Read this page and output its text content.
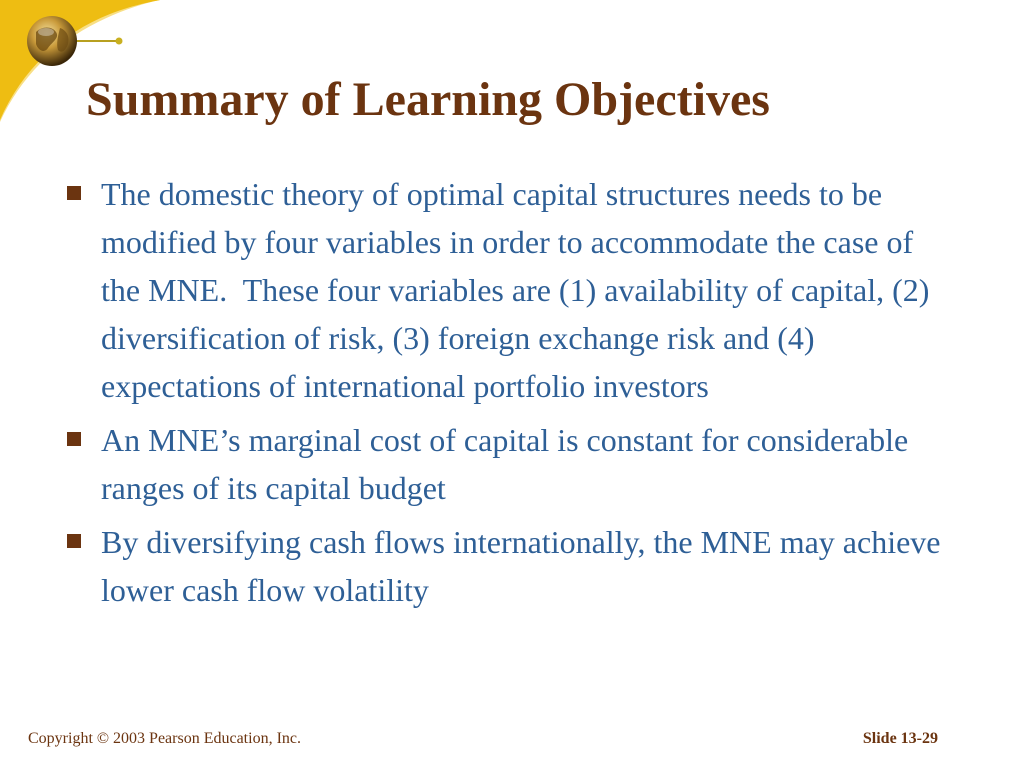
Summary of Learning Objectives
The domestic theory of optimal capital structures needs to be modified by four variables in order to accommodate the case of the MNE.  These four variables are (1) availability of capital, (2) diversification of risk, (3) foreign exchange risk and (4) expectations of international portfolio investors
An MNE’s marginal cost of capital is constant for considerable ranges of its capital budget
By diversifying cash flows internationally, the MNE may achieve lower cash flow volatility
Copyright © 2003 Pearson Education, Inc.	Slide 13-29
